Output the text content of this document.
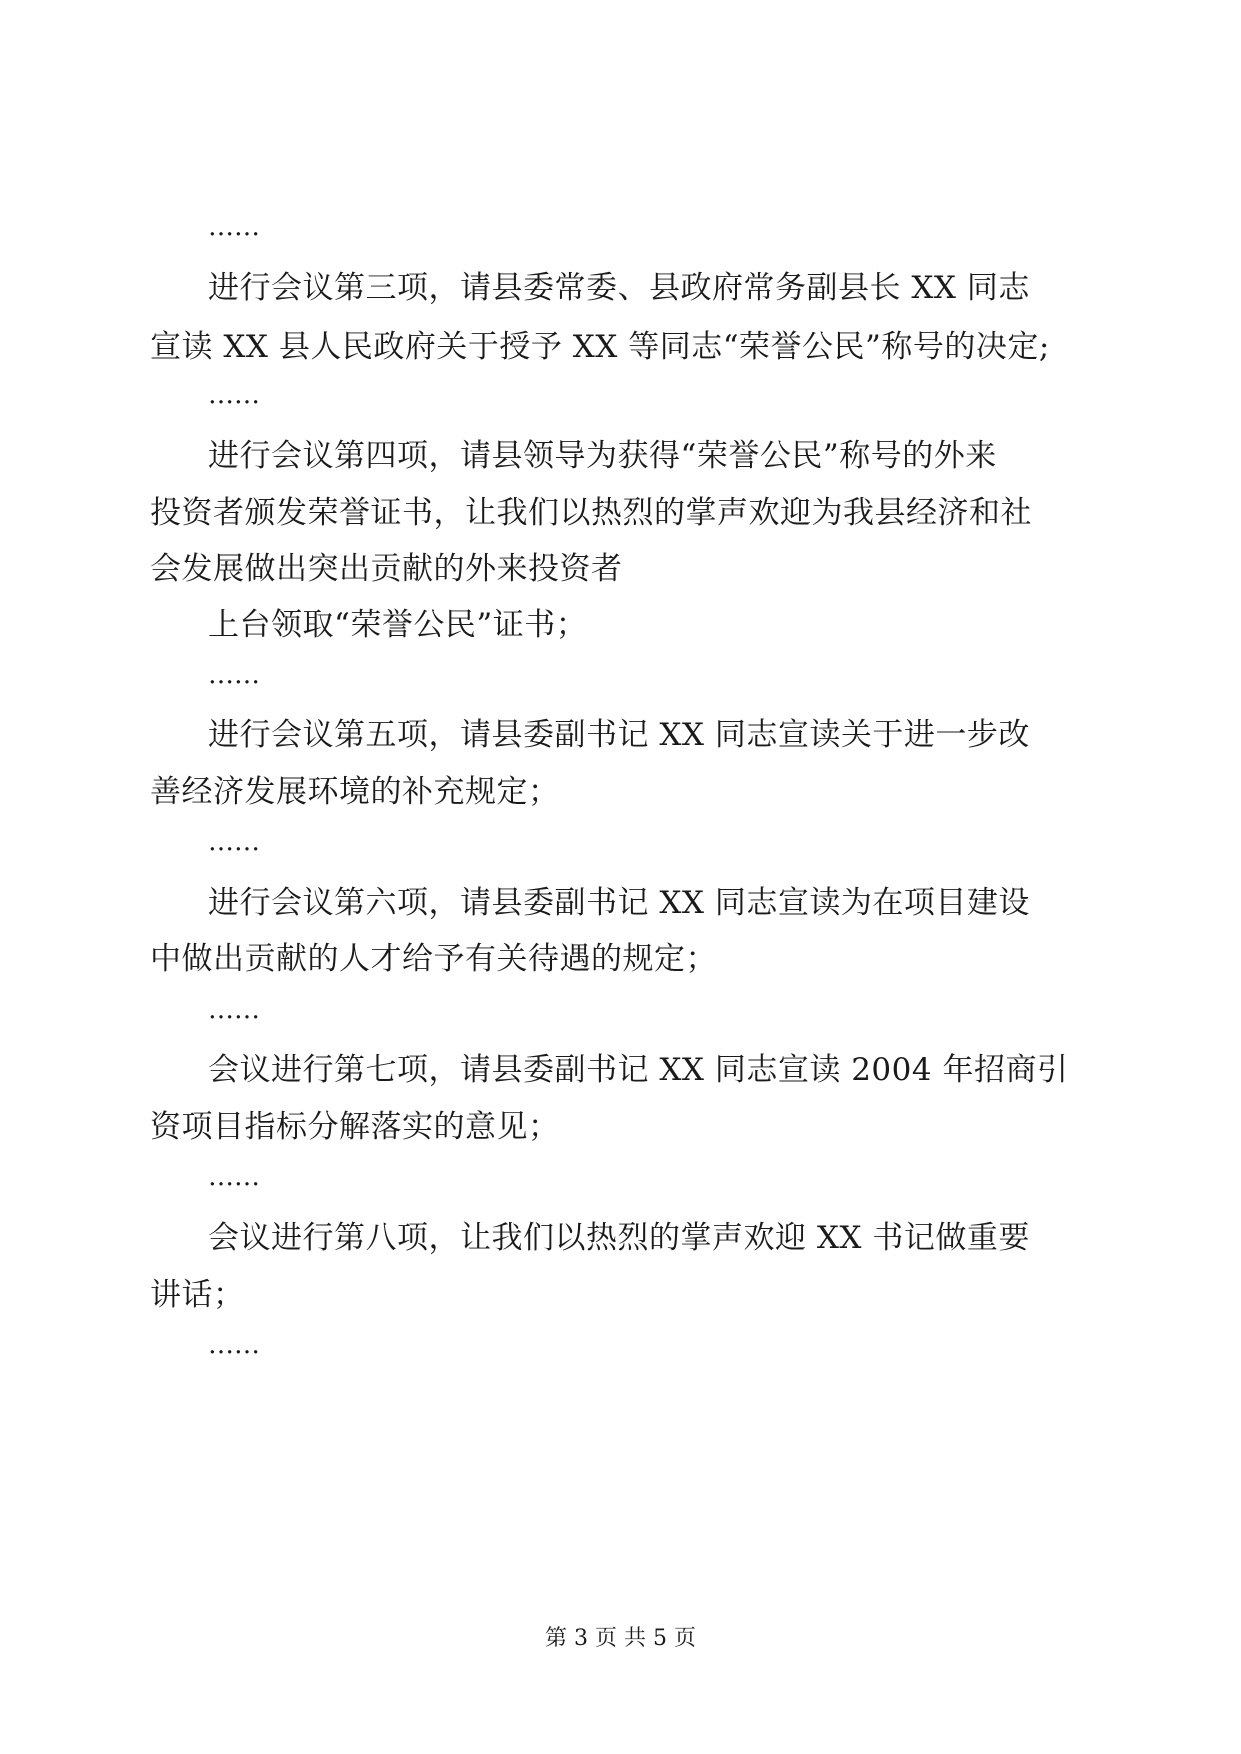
……
进行会议第三项，请县委常委、县政府常务副县长 XX 同志
宣读 XX 县人民政府关于授予 XX 等同志“荣誉公民”称号的决定;
……
进行会议第四项，请县领导为获得“荣誉公民”称号的外来
投资者颁发荣誉证书，让我们以热烈的掌声欢迎为我县经济和社
会发展做出突出贡献的外来投资者
上台领取“荣誉公民”证书；
……
进行会议第五项，请县委副书记 XX 同志宣读关于进一步改
善经济发展环境的补充规定；
……
进行会议第六项，请县委副书记 XX 同志宣读为在项目建设
中做出贡献的人才给予有关待遇的规定；
……
会议进行第七项，请县委副书记 XX 同志宣读 2004 年招商引
资项目指标分解落实的意见；
……
会议进行第八项，让我们以热烈的掌声欢迎 XX 书记做重要
讲话；
……
第 3 页 共 5 页
